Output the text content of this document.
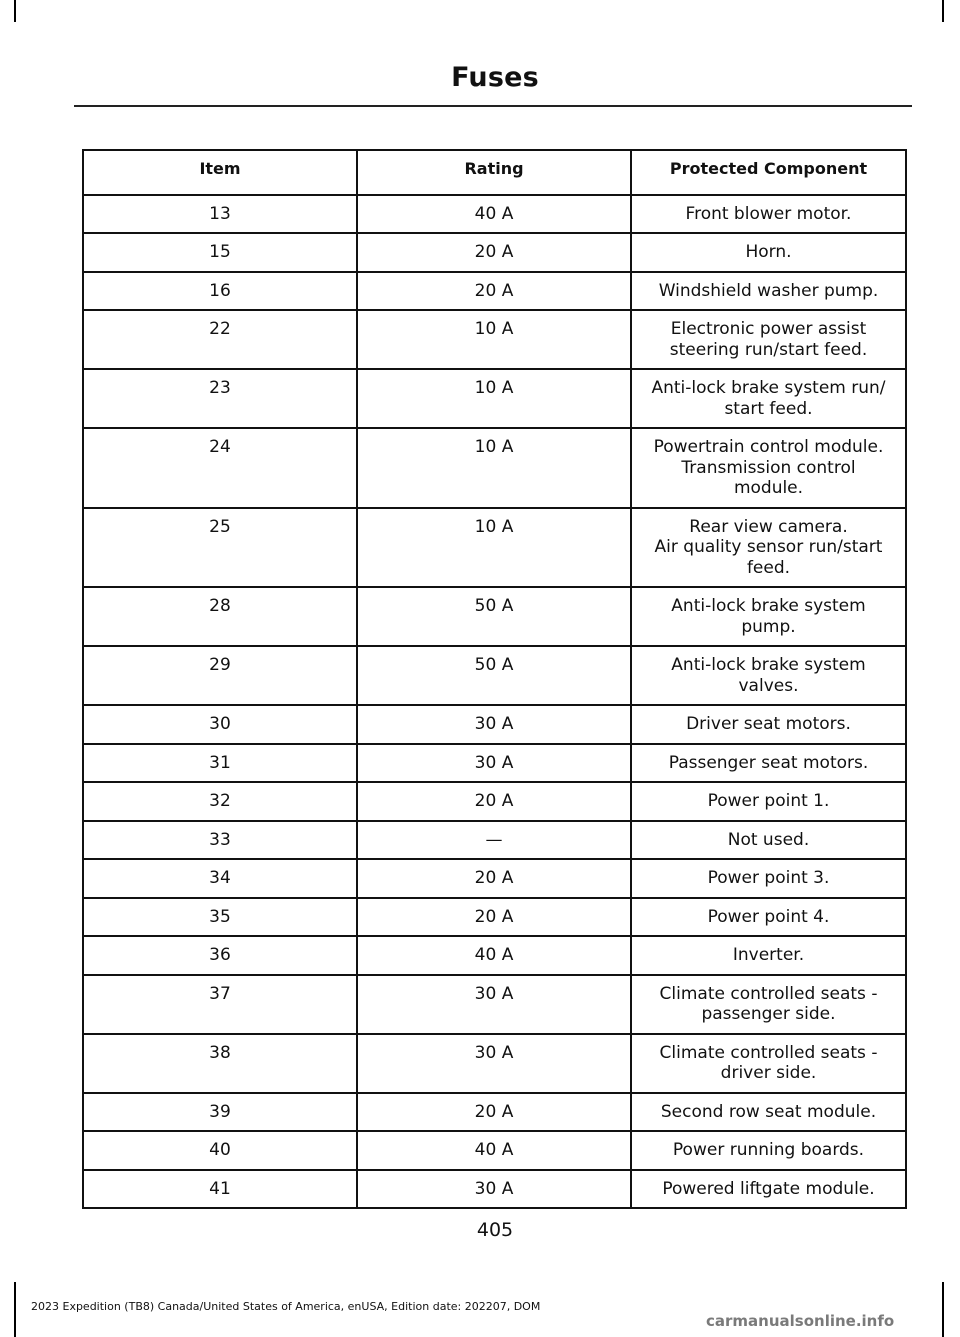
Fuses
Item	Rating	Protected Component
13	40 A	Front blower motor.
15	20 A	Horn.
16	20 A	Windshield washer pump.
22	10 A	Electronic power assist
steering run/start feed.
23	10 A	Anti-lock brake system run/
start feed.
24	10 A	Powertrain control module.
Transmission control
module.
25	10 A	Rear view camera.
Air quality sensor run/start
feed.
28	50 A	Anti-lock brake system
pump.
29	50 A	Anti-lock brake system
valves.
30	30 A	Driver seat motors.
31	30 A	Passenger seat motors.
32	20 A	Power point 1.
33	—	Not used.
34	20 A	Power point 3.
35	20 A	Power point 4.
36	40 A	Inverter.
37	30 A	Climate controlled seats -
passenger side.
38	30 A	Climate controlled seats -
driver side.
39	20 A	Second row seat module.
40	40 A	Power running boards.
41	30 A	Powered liftgate module.
405
2023 Expedition (TB8) Canada/United States of America, enUSA, Edition date: 202207, DOM
carmanualsonline.info
